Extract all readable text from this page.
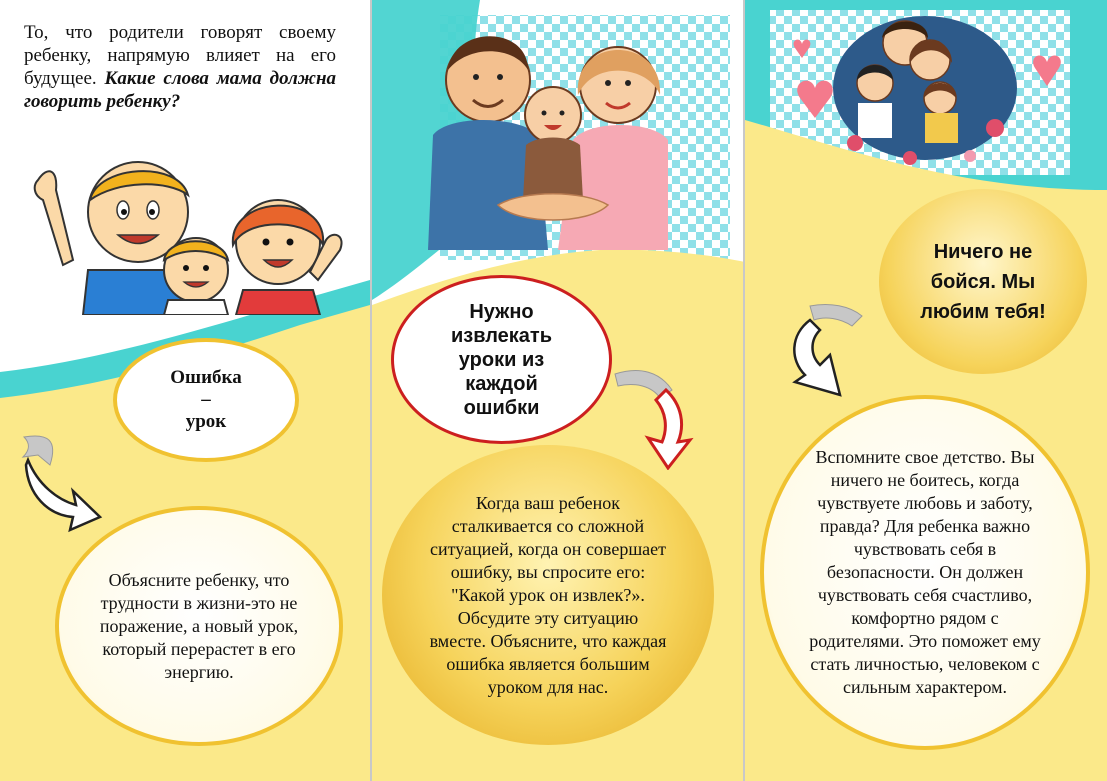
То, что родители говорят своему ребенку, напрямую влияет на его будущее. Какие слова мама должна говорить ребенку?
Ошибка
–
урок
Объясните ребенку, что трудности в жизни-это не поражение, а новый урок, который перерастет в его энергию.
Нужно извлекать уроки из каждой ошибки
Когда ваш ребенок сталкивается со сложной ситуацией, когда он совершает ошибку, вы спросите его: "Какой урок он извлек?». Обсудите эту ситуацию вместе. Объясните, что каждая ошибка является большим уроком для нас.
Ничего не бойся. Мы любим тебя!
Вспомните свое детство. Вы ничего не боитесь, когда чувствуете любовь и заботу, правда? Для ребенка важно чувствовать себя в безопасности. Он должен чувствовать себя счастливо, комфортно рядом с родителями. Это поможет ему стать личностью, человеком с сильным характером.
